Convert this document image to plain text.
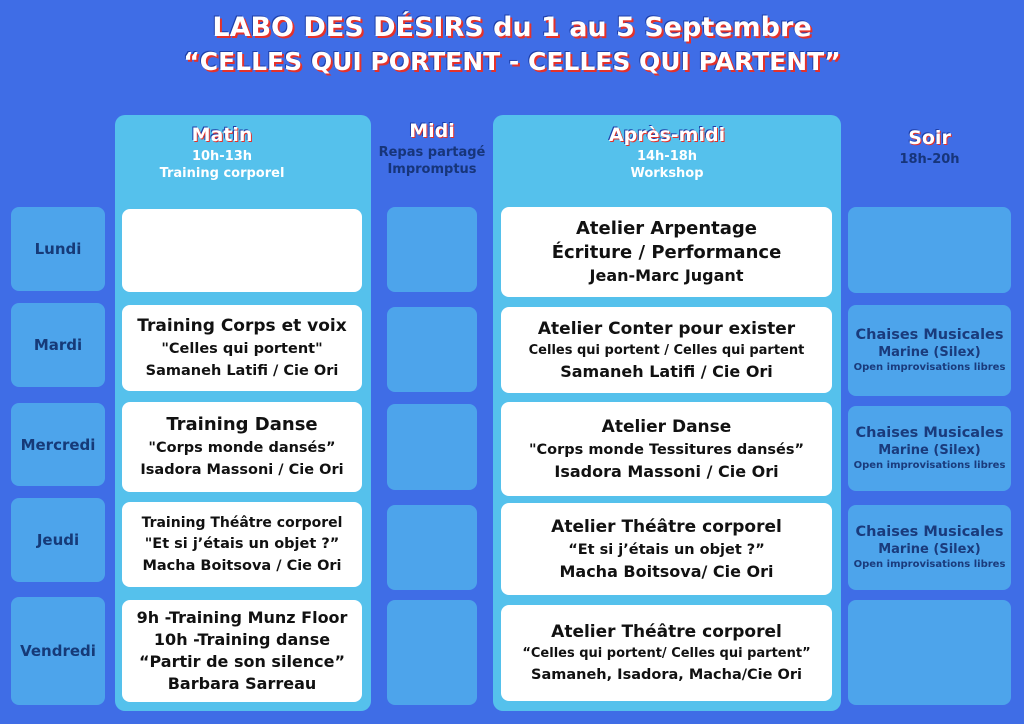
LABO DES DÉSIRS du 1 au 5 Septembre
“CELLES QUI PORTENT - CELLES QUI PARTENT”
Matin
10h-13h
Training corporel
Midi
Repas partagé
Impromptus
Après-midi
14h-18h
Workshop
Soir
18h-20h
Lundi
Mardi
Mercredi
Jeudi
Vendredi
Training Corps et voix
"Celles qui portent"
Samaneh Latifi / Cie Ori
Training Danse
"Corps monde dansés”
Isadora Massoni / Cie Ori
Training Théâtre corporel
"Et si j’étais un objet ?”
Macha Boitsova / Cie Ori
9h -Training Munz Floor
10h -Training danse
“Partir de son silence”
Barbara Sarreau
Atelier Arpentage
Écriture / Performance
Jean-Marc Jugant
Atelier Conter pour exister
Celles qui portent / Celles qui partent
Samaneh Latifi / Cie Ori
Atelier Danse
"Corps monde Tessitures dansés”
Isadora Massoni / Cie Ori
Atelier Théâtre corporel
“Et si j’étais un objet ?”
Macha Boitsova/ Cie Ori
Atelier Théâtre corporel
“Celles qui portent/ Celles qui partent”
Samaneh, Isadora, Macha/Cie Ori
Chaises Musicales
Marine (Silex)
Open improvisations libres
Chaises Musicales
Marine (Silex)
Open improvisations libres
Chaises Musicales
Marine (Silex)
Open improvisations libres
